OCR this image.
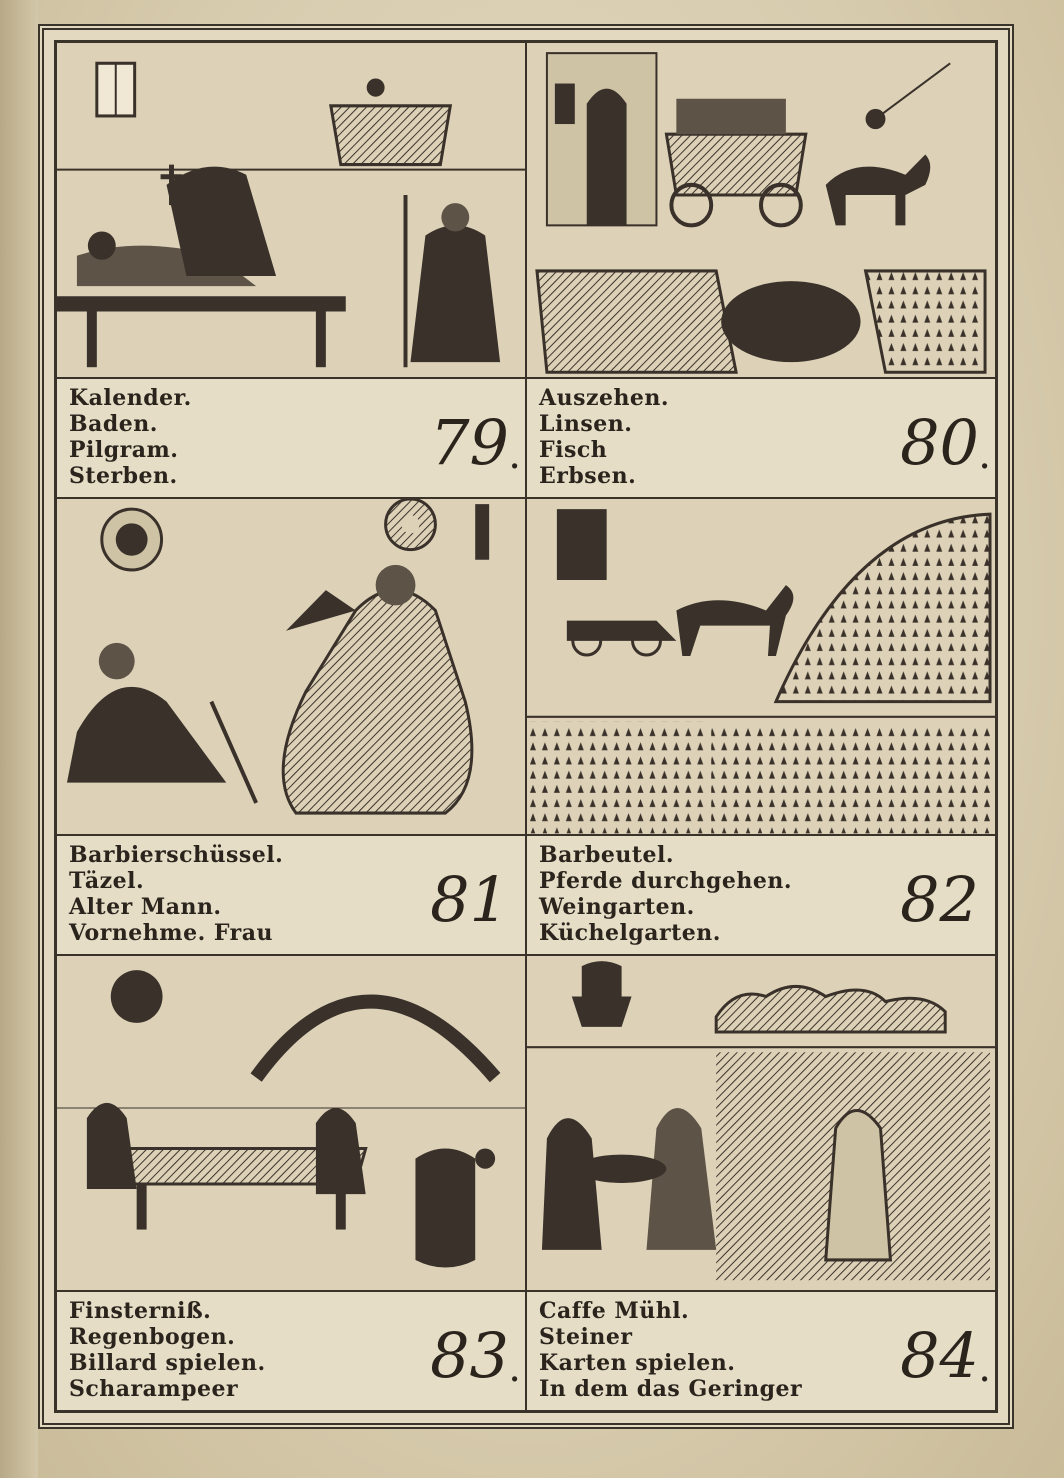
Kalender.
Baden.
Pilgram.
Sterben.	79 .
Auszehen.
Linsen.
Fisch
Erbsen.	80 .
Barbierschüssel.
Täzel.
Alter Mann.
Vornehme. Frau	81
Barbeutel.
Pferde durchgehen.
Weingarten.
Küchelgarten.	82
Finsterniß.
Regenbogen.
Billard spielen.
Scharampeer	83 .
Caffe Mühl.
Steiner
Karten spielen.
In dem das Geringer	84 .
